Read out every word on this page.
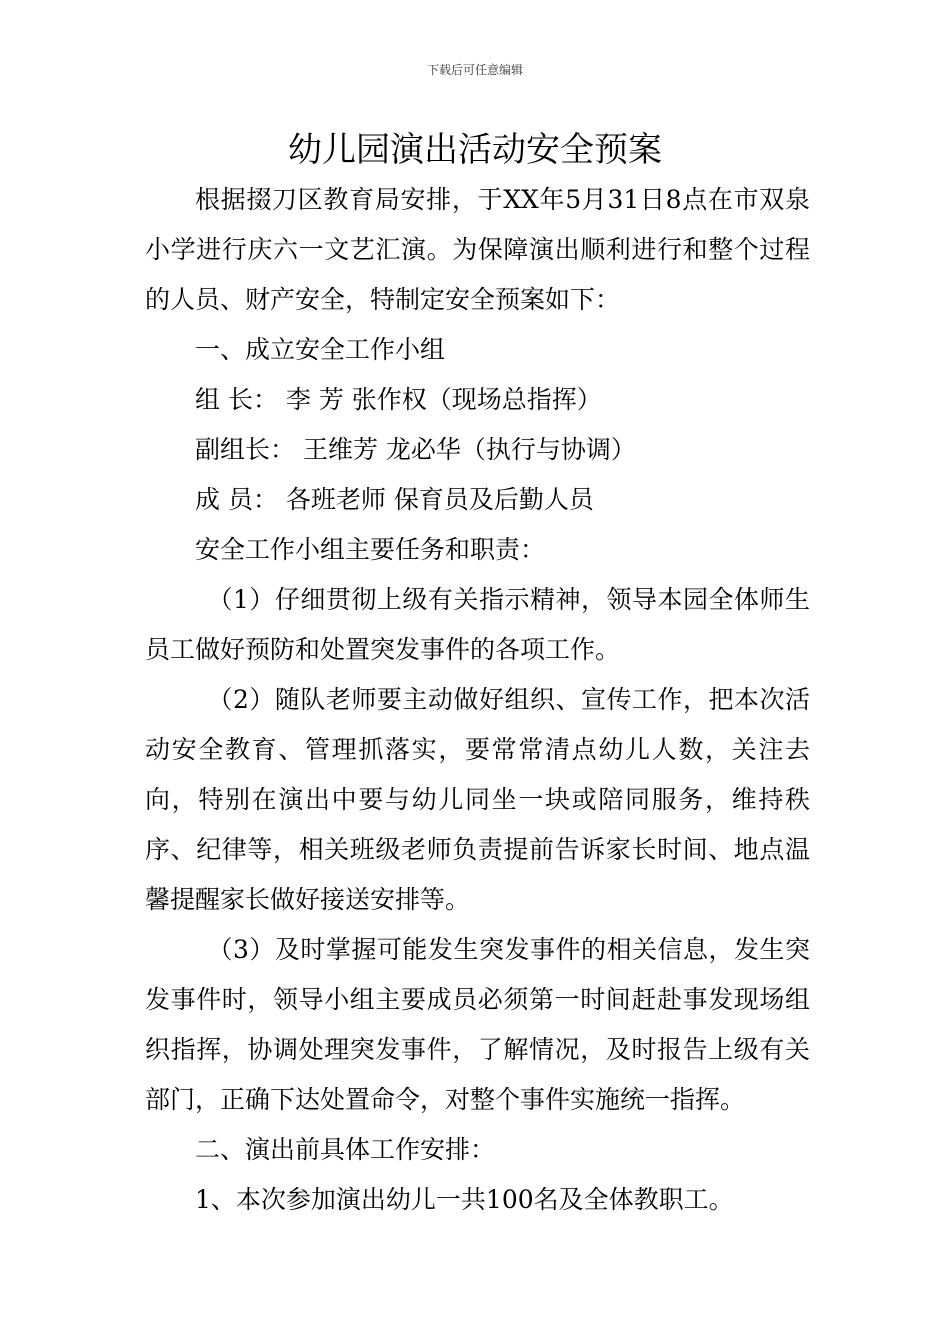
下载后可任意编辑
幼儿园演出活动安全预案

根据掇刀区教育局安排，于XX年5月31日8点在市双泉小学进行庆六一文艺汇演。为保障演出顺利进行和整个过程的人员、财产安全，特制定安全预案如下：

一、成立安全工作小组

组 长： 李 芳 张作权（现场总指挥）

副组长： 王维芳 龙必华（执行与协调）

成 员： 各班老师 保育员及后勤人员

安全工作小组主要任务和职责：

（1）仔细贯彻上级有关指示精神，领导本园全体师生员工做好预防和处置突发事件的各项工作。

（2）随队老师要主动做好组织、宣传工作，把本次活动安全教育、管理抓落实，要常常清点幼儿人数，关注去向，特别在演出中要与幼儿同坐一块或陪同服务，维持秩序、纪律等，相关班级老师负责提前告诉家长时间、地点温馨提醒家长做好接送安排等。

（3）及时掌握可能发生突发事件的相关信息，发生突发事件时，领导小组主要成员必须第一时间赶赴事发现场组织指挥，协调处理突发事件，了解情况，及时报告上级有关部门，正确下达处置命令，对整个事件实施统一指挥。

二、演出前具体工作安排：

1、本次参加演出幼儿一共100名及全体教职工。
